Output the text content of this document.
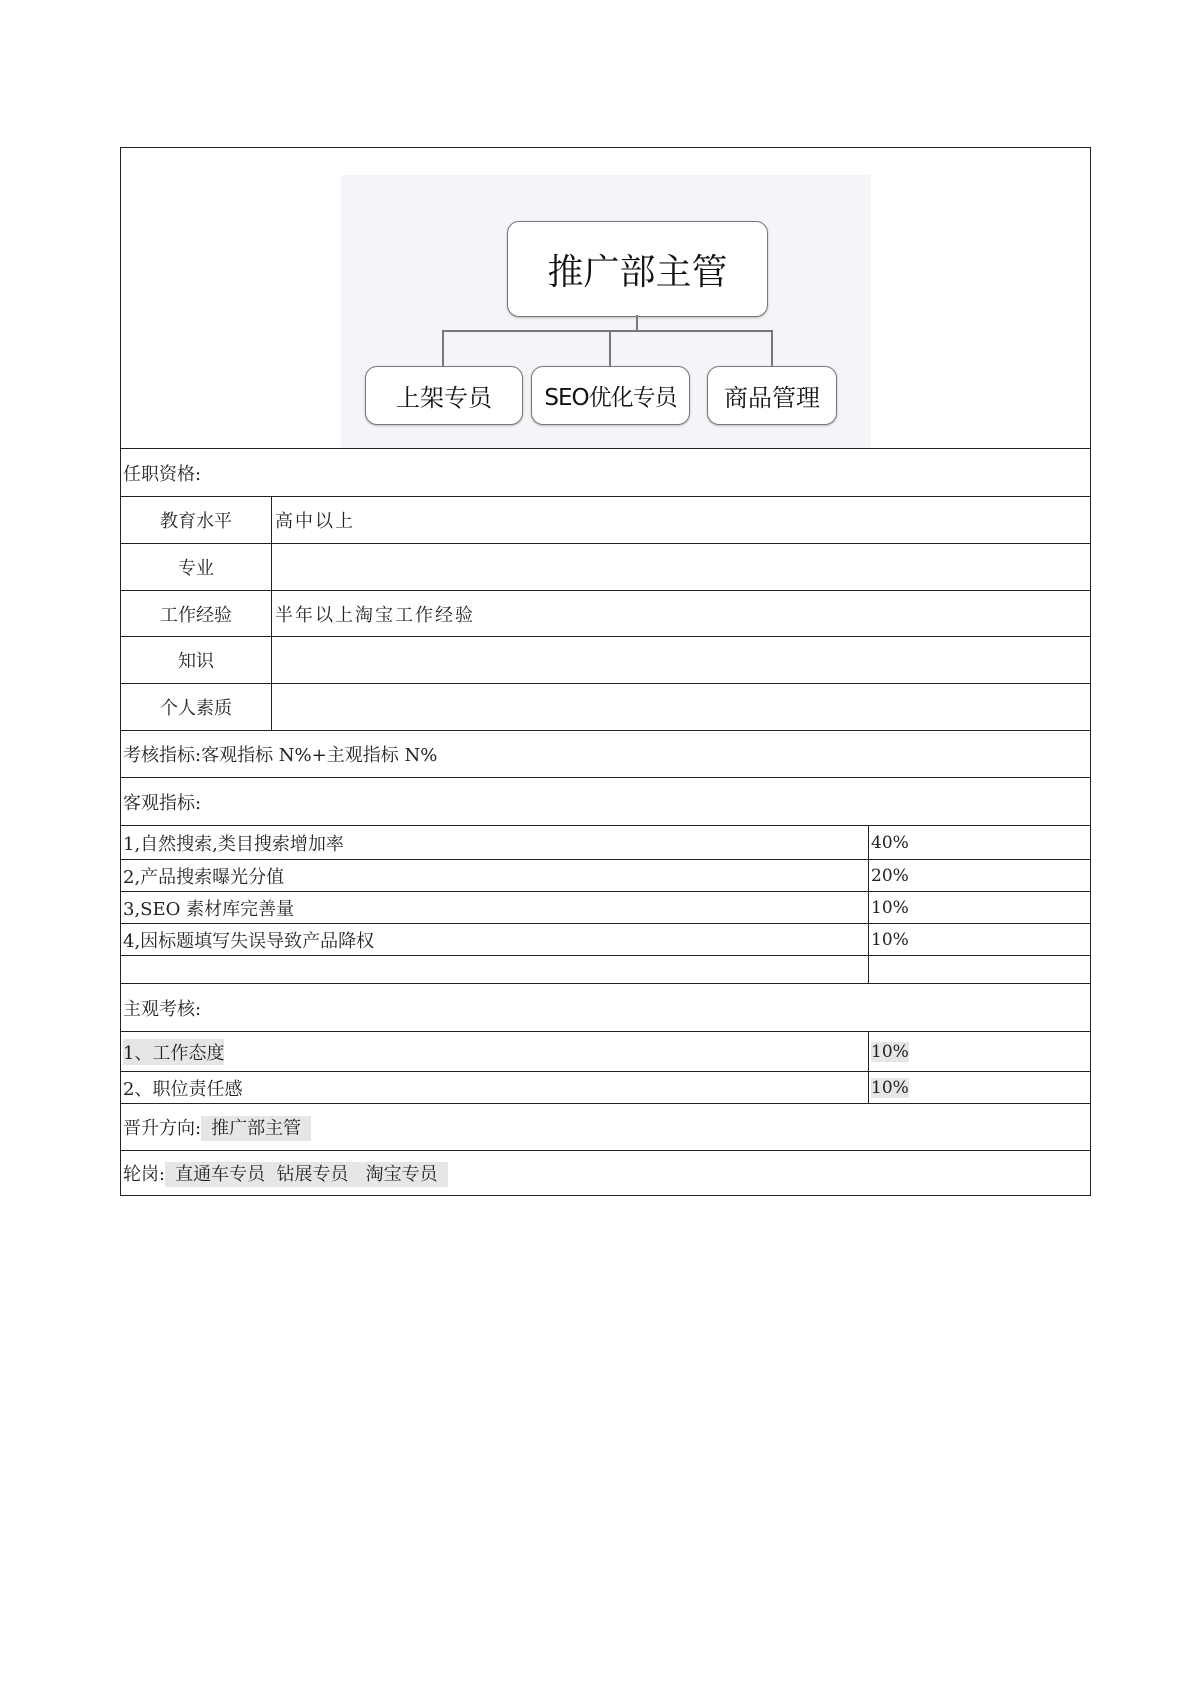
推广部主管
上架专员	SEO优化专员	商品管理
任职资格:
教育水平	高中以上
专业
工作经验	半年以上淘宝工作经验
知识
个人素质
考核指标:客观指标 N%+主观指标 N%
客观指标:
1,自然搜索,类目搜索增加率	40%
2,产品搜索曝光分值	20%
3,SEO 素材库完善量	10%
4,因标题填写失误导致产品降权	10%
主观考核:
1、工作态度	10%
2、职位责任感	10%
晋升方向: 推广部主管
轮岗: 直通车专员  钻展专员   淘宝专员
